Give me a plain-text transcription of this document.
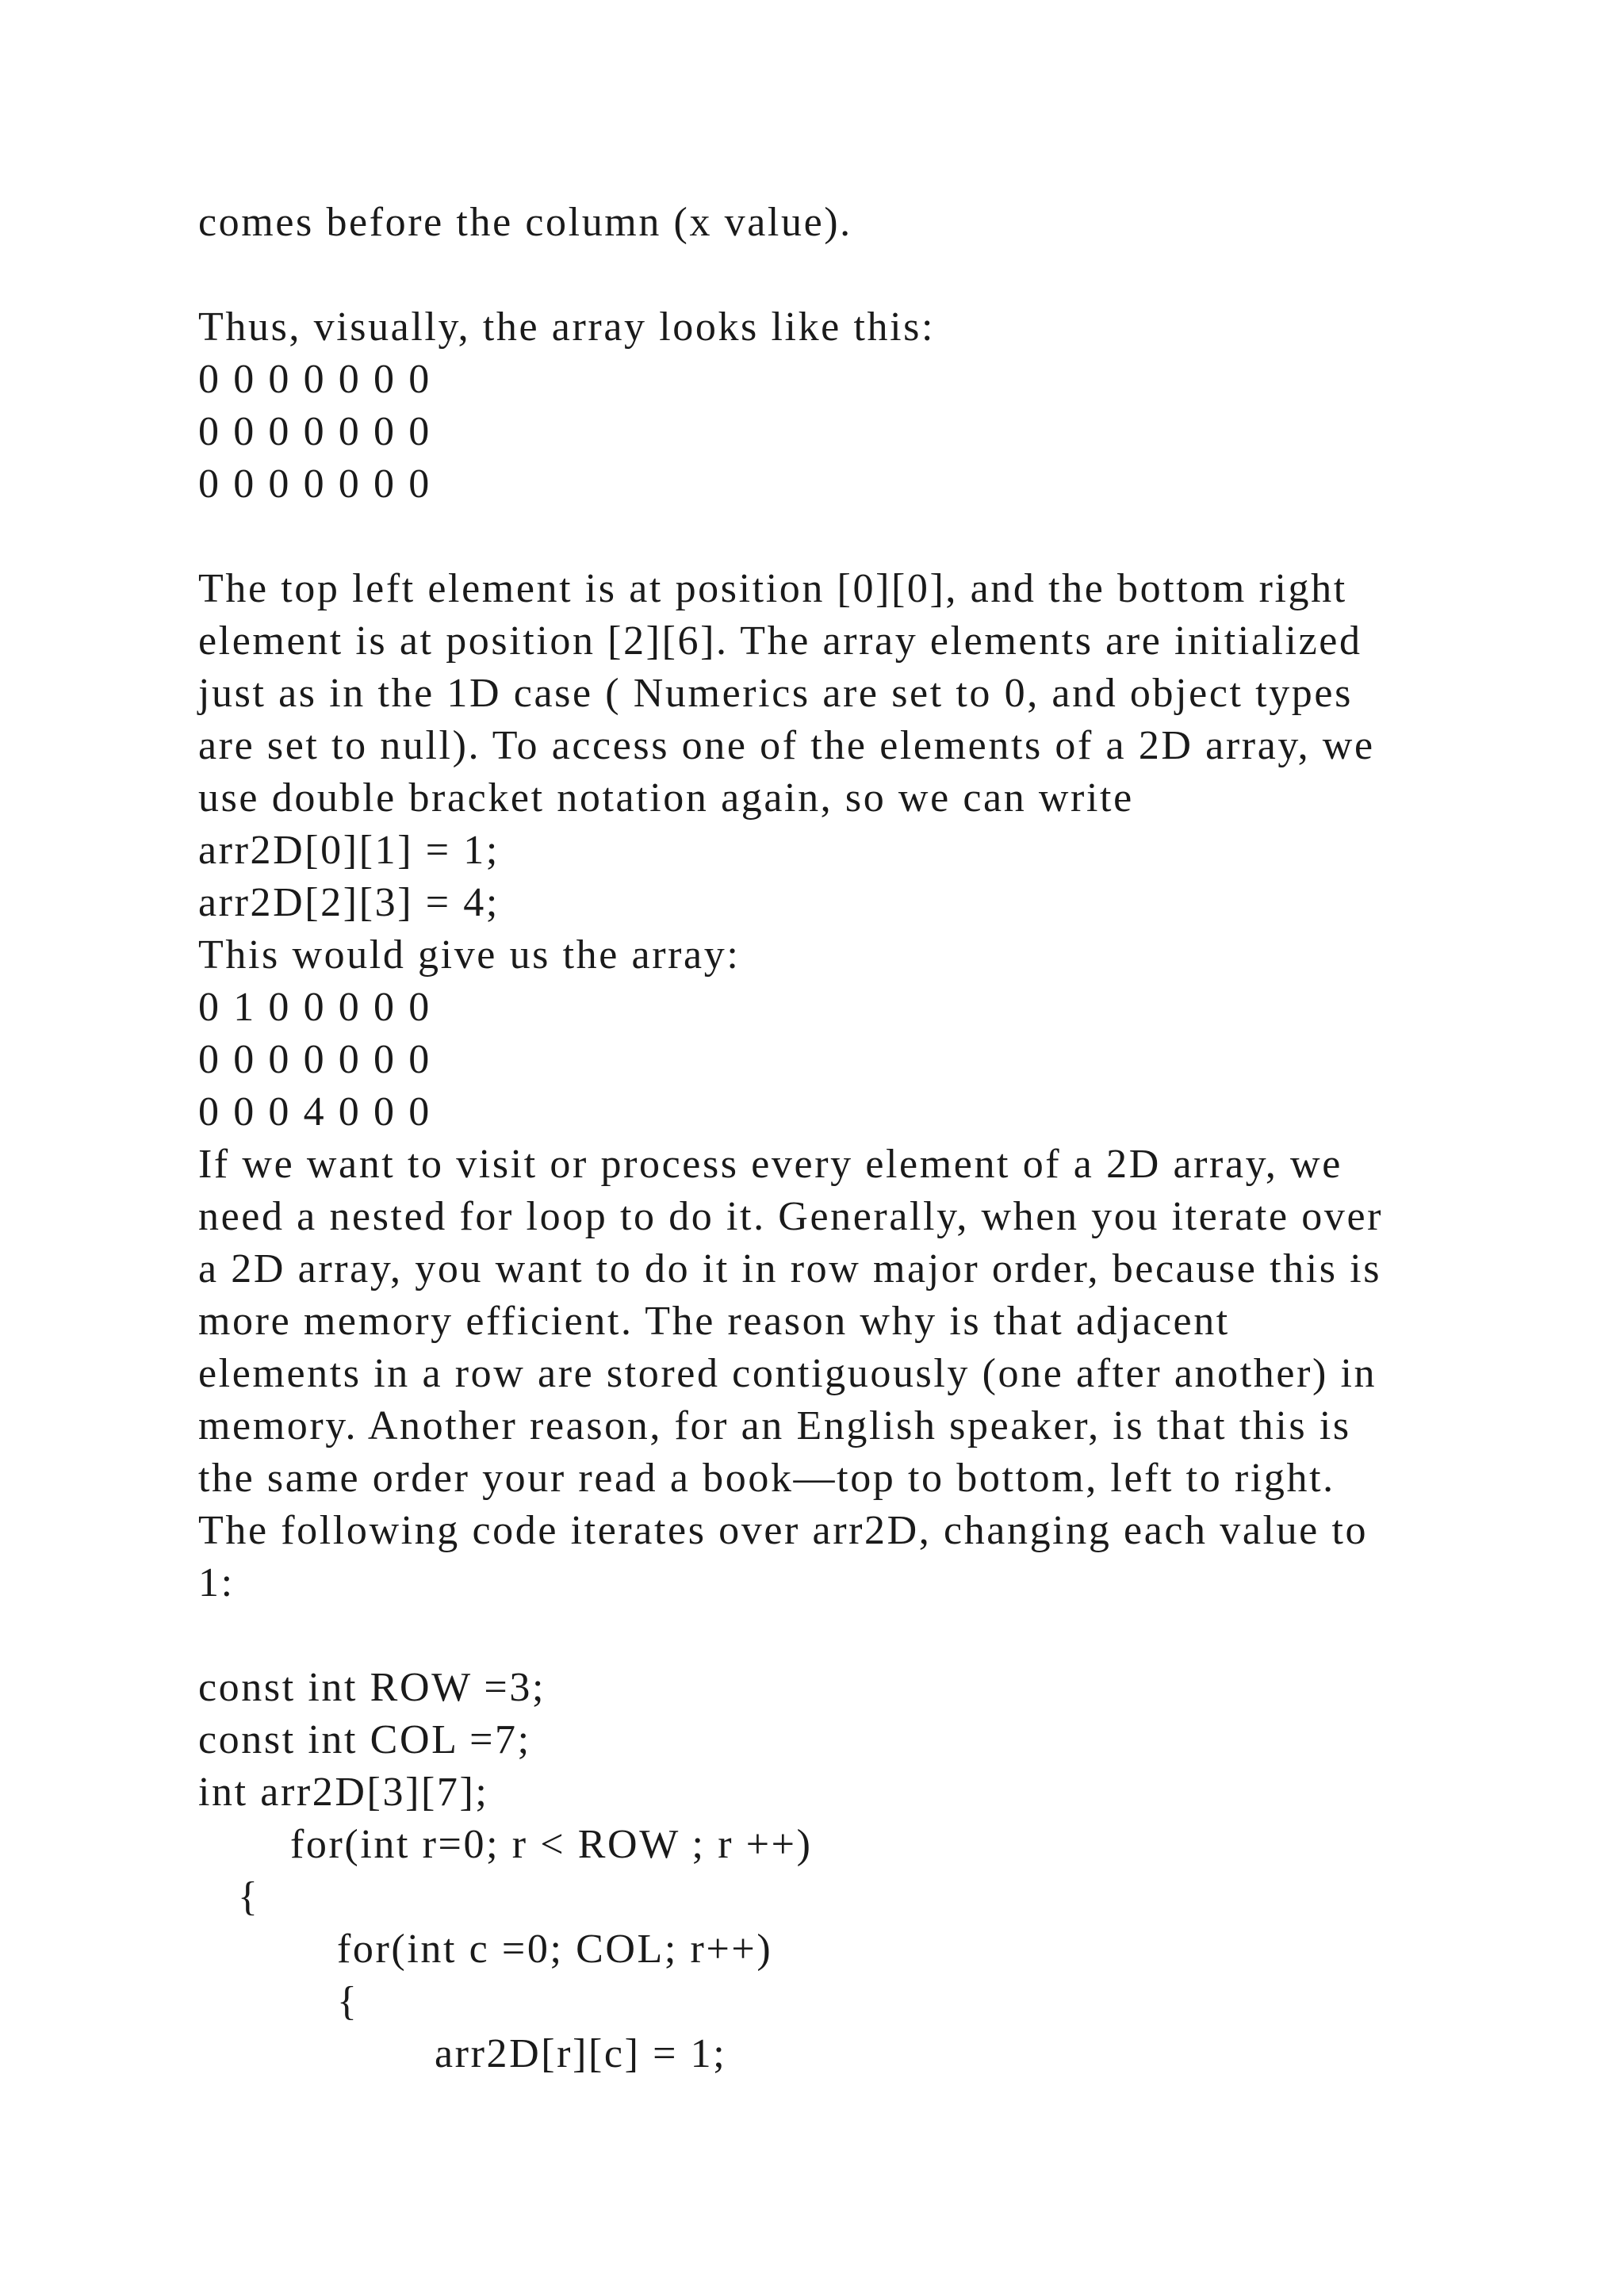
comes before the column (x value).

Thus, visually, the array looks like this:

0 0 0 0 0 0 0

0 0 0 0 0 0 0

0 0 0 0 0 0 0

The top left element is at position [0][0], and the bottom right

element is at position [2][6]. The array elements are initialized

just as in the 1D case ( Numerics are set to 0, and object types

are set to null). To access one of the elements of a 2D array, we

use double bracket notation again, so we can write

arr2D[0][1] = 1;

arr2D[2][3] = 4;

This would give us the array:

0 1 0 0 0 0 0

0 0 0 0 0 0 0

0 0 0 4 0 0 0

If we want to visit or process every element of a 2D array, we

need a nested for loop to do it. Generally, when you iterate over

a 2D array, you want to do it in row major order, because this is

more memory efficient. The reason why is that adjacent

elements in a row are stored contiguously (one after another) in

memory. Another reason, for an English speaker, is that this is

the same order your read a book—top to bottom, left to right.

The following code iterates over arr2D, changing each value to

1:

const int ROW =3;

const int COL =7;

int arr2D[3][7];

for(int r=0; r < ROW ; r ++)

{

for(int c =0; COL; r++)

{

arr2D[r][c] = 1;
